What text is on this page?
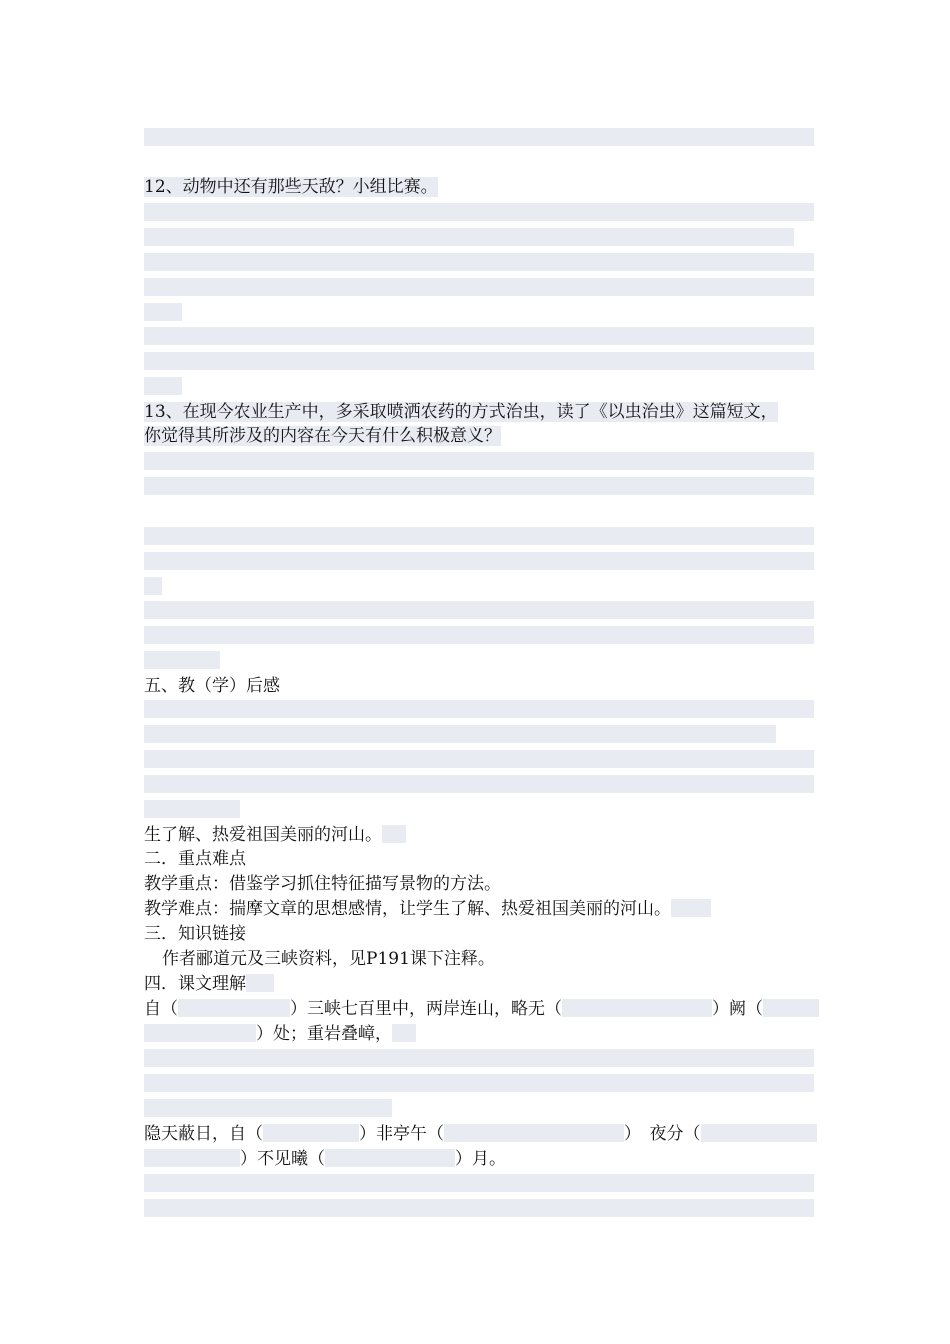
12、动物中还有那些天敌？小组比赛。
13、在现今农业生产中，多采取喷洒农药的方式治虫，读了《以虫治虫》这篇短文，
你觉得其所涉及的内容在今天有什么积极意义？
五、教（学）后感
生了解、热爱祖国美丽的河山。
二．重点难点
教学重点：借鉴学习抓住特征描写景物的方法。
教学难点：揣摩文章的思想感情，让学生了解、热爱祖国美丽的河山。
三．知识链接
作者郦道元及三峡资料，见P191课下注释。
四．课文理解
自（	）三峡七百里中，两岸连山，略无（	）阙（
）处；重岩叠嶂，
隐天蔽日，自（	）非亭午（	）　夜分（
）不见曦（	）月。
